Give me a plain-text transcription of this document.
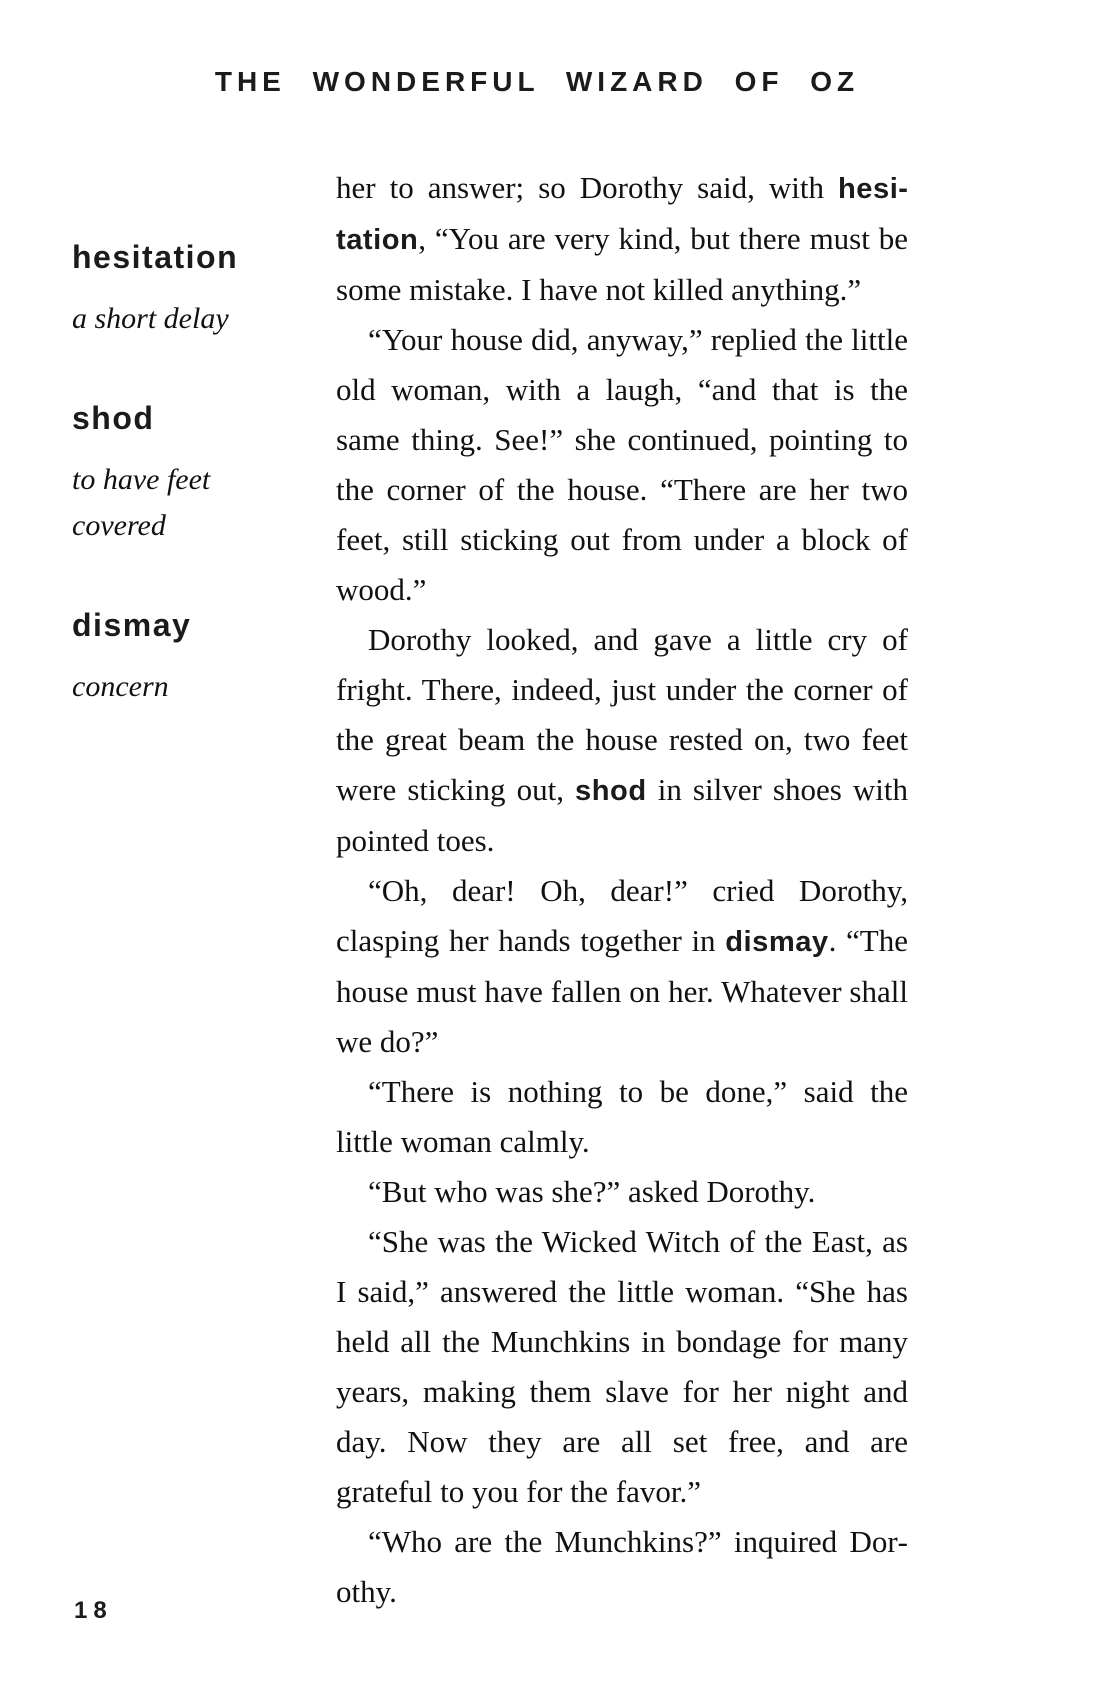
THE WONDERFUL WIZARD OF OZ
hesitation
a short delay
shod
to have feet covered
dismay
concern

her to answer; so Dorothy said, with hesitation, “You are very kind, but there must be some mistake. I have not killed anything.”

“Your house did, anyway,” replied the little old woman, with a laugh, “and that is the same thing. See!” she continued, pointing to the corner of the house. “There are her two feet, still sticking out from under a block of wood.”

Dorothy looked, and gave a little cry of fright. There, indeed, just under the corner of the great beam the house rested on, two feet were sticking out, shod in silver shoes with pointed toes.

“Oh, dear! Oh, dear!” cried Dorothy, clasping her hands together in dismay. “The house must have fallen on her. Whatever shall we do?”

“There is nothing to be done,” said the little woman calmly.

“But who was she?” asked Dorothy.

“She was the Wicked Witch of the East, as I said,” answered the little woman. “She has held all the Munchkins in bondage for many years, making them slave for her night and day. Now they are all set free, and are grateful to you for the favor.”

“Who are the Munchkins?” inquired Dorothy.

18
